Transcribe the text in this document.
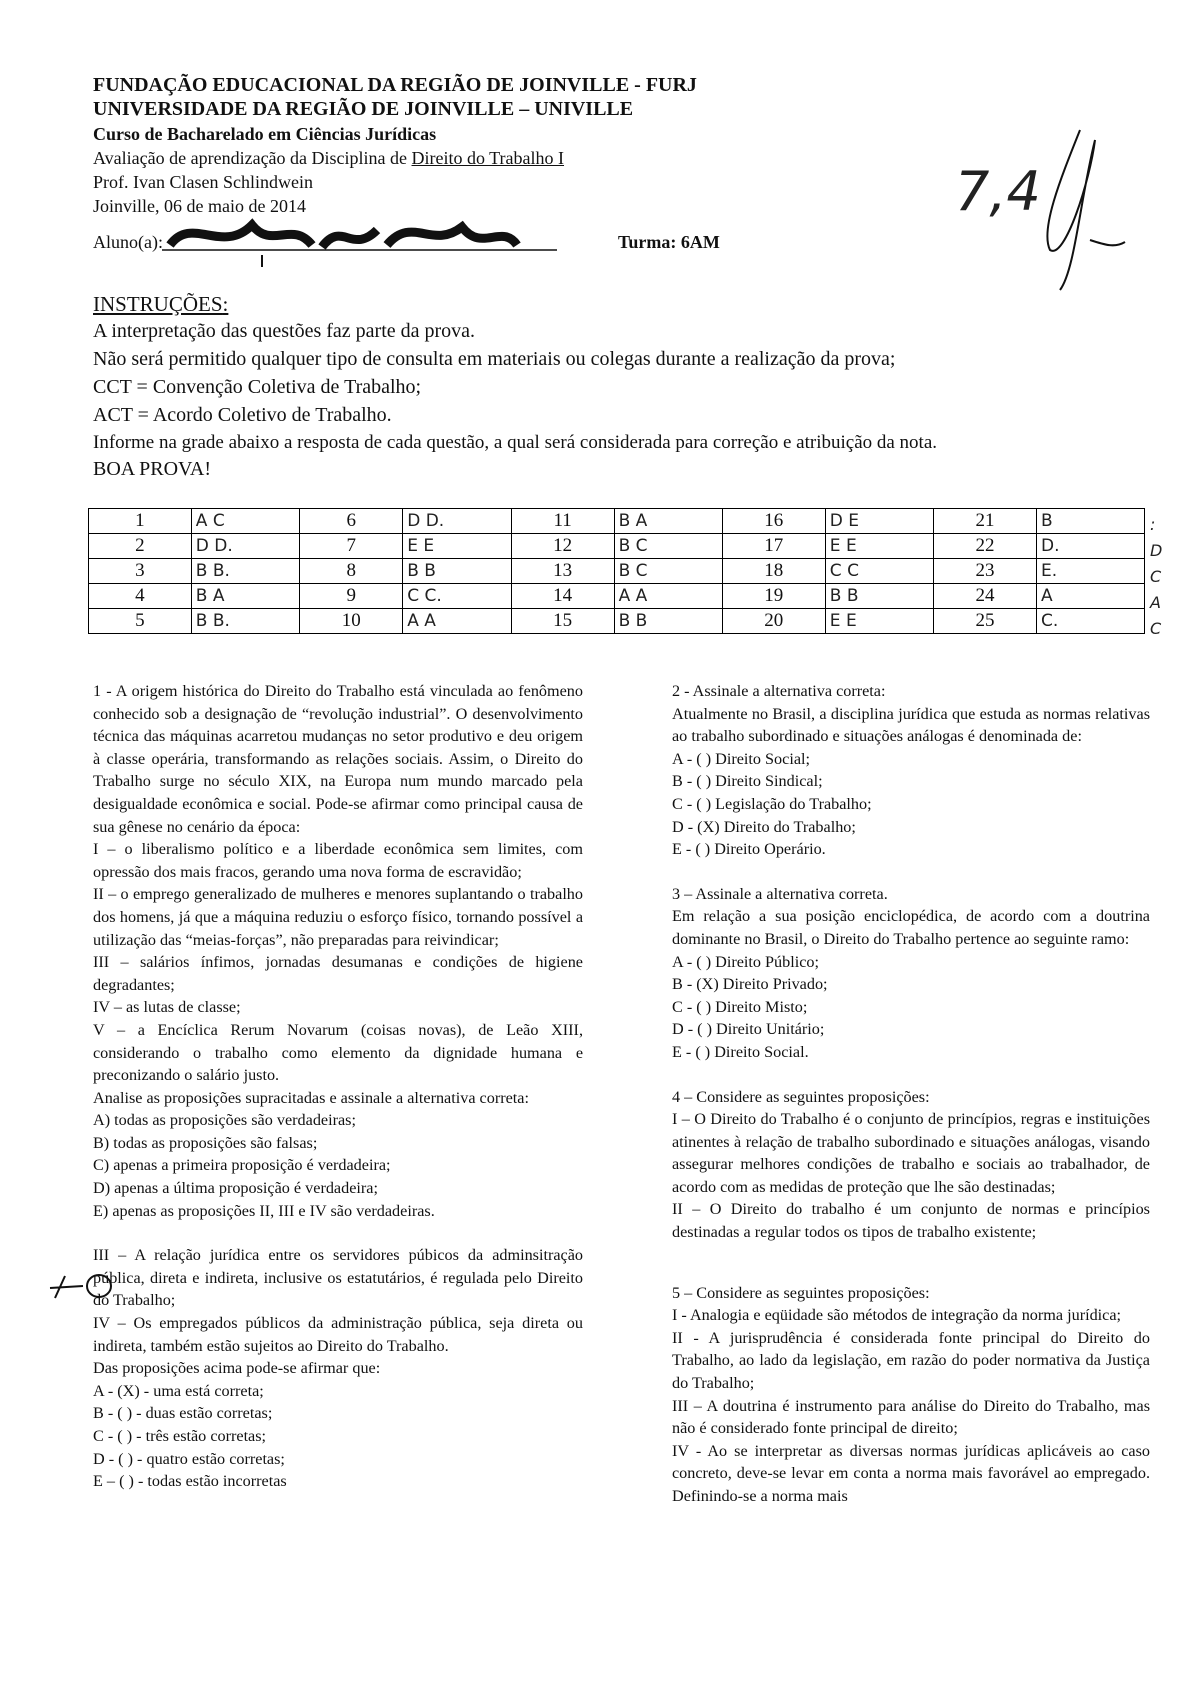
FUNDAÇÃO EDUCACIONAL DA REGIÃO DE JOINVILLE - FURJ
UNIVERSIDADE DA REGIÃO DE JOINVILLE – UNIVILLE
Curso de Bacharelado em Ciências Jurídicas
Avaliação de aprendização da Disciplina de Direito do Trabalho I
Prof. Ivan Clasen Schlindwein
Joinville, 06 de maio de 2014
Aluno(a):	Turma: 6AM
7,4
INSTRUÇÕES:
A interpretação das questões faz parte da prova.
Não será permitido qualquer tipo de consulta em materiais ou colegas durante a realização da prova;
CCT = Convenção Coletiva de Trabalho;
ACT = Acordo Coletivo de Trabalho.
Informe na grade abaixo a resposta de cada questão, a qual será considerada para correção e atribuição da nota.
BOA PROVA!
1	A C	6	D D.	11	B A	16	D E	21	B
2	D D.	7	E E	12	B C	17	E E	22	D.
3	B B.	8	B B	13	B C	18	C C	23	E.
4	B A	9	C C.	14	A A	19	B B	24	A
5	B B.	10	A A	15	B B	20	E E	25	C.
:
D
C
A
C

1 - A origem histórica do Direito do Trabalho está vinculada ao fenômeno conhecido sob a designação de “revolução industrial”. O desenvolvimento técnica das máquinas acarretou mudanças no setor produtivo e deu origem à classe operária, transformando as relações sociais. Assim, o Direito do Trabalho surge no século XIX, na Europa num mundo marcado pela desigualdade econômica e social. Pode-se afirmar como principal causa de sua gênese no cenário da época:

I – o liberalismo político e a liberdade econômica sem limites, com opressão dos mais fracos, gerando uma nova forma de escravidão;

II – o emprego generalizado de mulheres e menores suplantando o trabalho dos homens, já que a máquina reduziu o esforço físico, tornando possível a utilização das “meias-forças”, não preparadas para reivindicar;

III – salários ínfimos, jornadas desumanas e condições de higiene degradantes;

IV – as lutas de classe;

V – a Encíclica Rerum Novarum (coisas novas), de Leão XIII, considerando o trabalho como elemento da dignidade humana e preconizando o salário justo.

Analise as proposições supracitadas e assinale a alternativa correta:

A) todas as proposições são verdadeiras;

B) todas as proposições são falsas;

C) apenas a primeira proposição é verdadeira;

D) apenas a última proposição é verdadeira;

E) apenas as proposições II, III e IV são verdadeiras.

III – A relação jurídica entre os servidores púbicos da adminsitração pública, direta e indireta, inclusive os estatutários, é regulada pelo Direito do Trabalho;

IV – Os empregados públicos da administração pública, seja direta ou indireta, também estão sujeitos ao Direito do Trabalho.

Das proposições acima pode-se afirmar que:

A - (X) - uma está correta;

B - ( ) - duas estão corretas;

C - ( ) - três estão corretas;

D - ( ) - quatro estão corretas;

E – ( ) - todas estão incorretas

2 - Assinale a alternativa correta:

Atualmente no Brasil, a disciplina jurídica que estuda as normas relativas ao trabalho subordinado e situações análogas é denominada de:

A - ( ) Direito Social;

B - ( ) Direito Sindical;

C - ( ) Legislação do Trabalho;

D - (X) Direito do Trabalho;

E - ( ) Direito Operário.

3 – Assinale a alternativa correta.

Em relação a sua posição enciclopédica, de acordo com a doutrina dominante no Brasil, o Direito do Trabalho pertence ao seguinte ramo:

A - ( ) Direito Público;

B - (X) Direito Privado;

C - ( ) Direito Misto;

D - ( ) Direito Unitário;

E - ( ) Direito Social.

4 – Considere as seguintes proposições:

I – O Direito do Trabalho é o conjunto de princípios, regras e instituições atinentes à relação de trabalho subordinado e situações análogas, visando assegurar melhores condições de trabalho e sociais ao trabalhador, de acordo com as medidas de proteção que lhe são destinadas;

II – O Direito do trabalho é um conjunto de normas e princípios destinadas a regular todos os tipos de trabalho existente;

5 – Considere as seguintes proposições:

I - Analogia e eqüidade são métodos de integração da norma jurídica;

II - A jurisprudência é considerada fonte principal do Direito do Trabalho, ao lado da legislação, em razão do poder normativa da Justiça do Trabalho;

III – A doutrina é instrumento para análise do Direito do Trabalho, mas não é considerado fonte principal de direito;

IV - Ao se interpretar as diversas normas jurídicas aplicáveis ao caso concreto, deve-se levar em conta a norma mais favorável ao empregado. Definindo-se a norma mais
